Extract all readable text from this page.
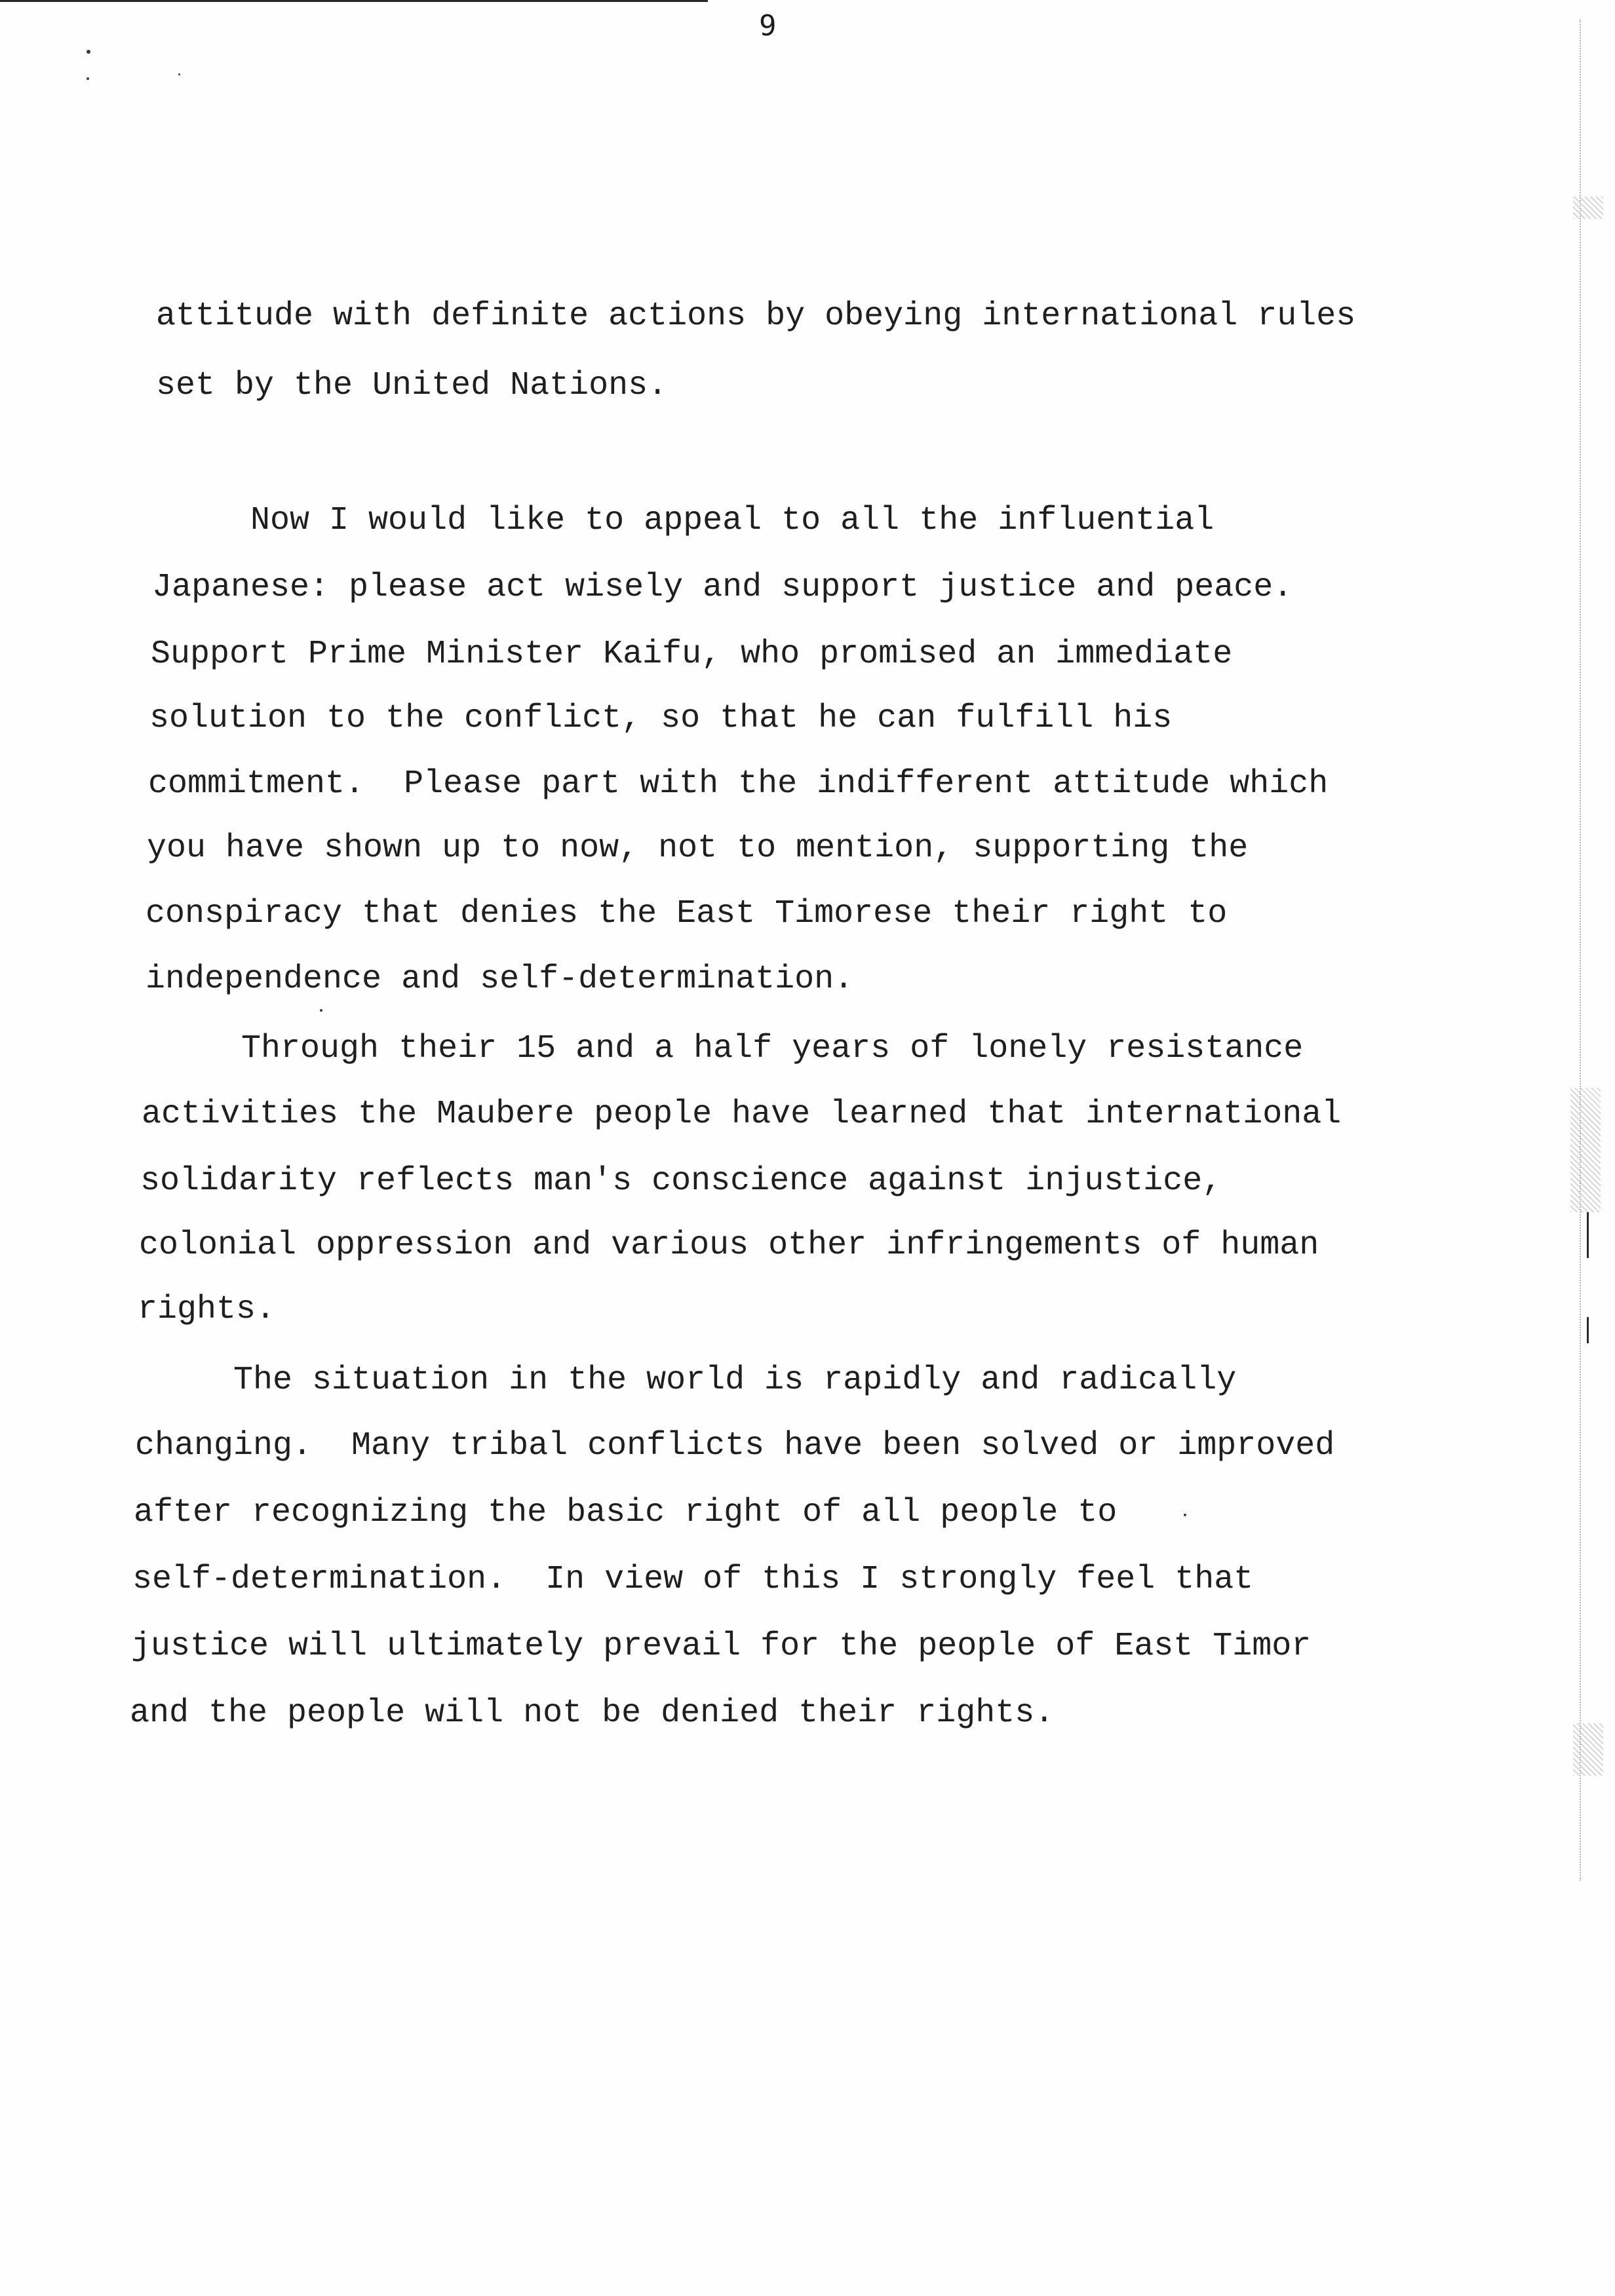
9

attitude with definite actions by obeying international rules

set by the United Nations.

Now I would like to appeal to all the influential

Japanese: please act wisely and support justice and peace.

Support Prime Minister Kaifu, who promised an immediate

solution to the conflict, so that he can fulfill his

commitment.  Please part with the indifferent attitude which

you have shown up to now, not to mention, supporting the

conspiracy that denies the East Timorese their right to

independence and self-determination.

Through their 15 and a half years of lonely resistance

activities the Maubere people have learned that international

solidarity reflects man's conscience against injustice,

colonial oppression and various other infringements of human

rights.

The situation in the world is rapidly and radically

changing.  Many tribal conflicts have been solved or improved

after recognizing the basic right of all people to

self-determination.  In view of this I strongly feel that

justice will ultimately prevail for the people of East Timor

and the people will not be denied their rights.
